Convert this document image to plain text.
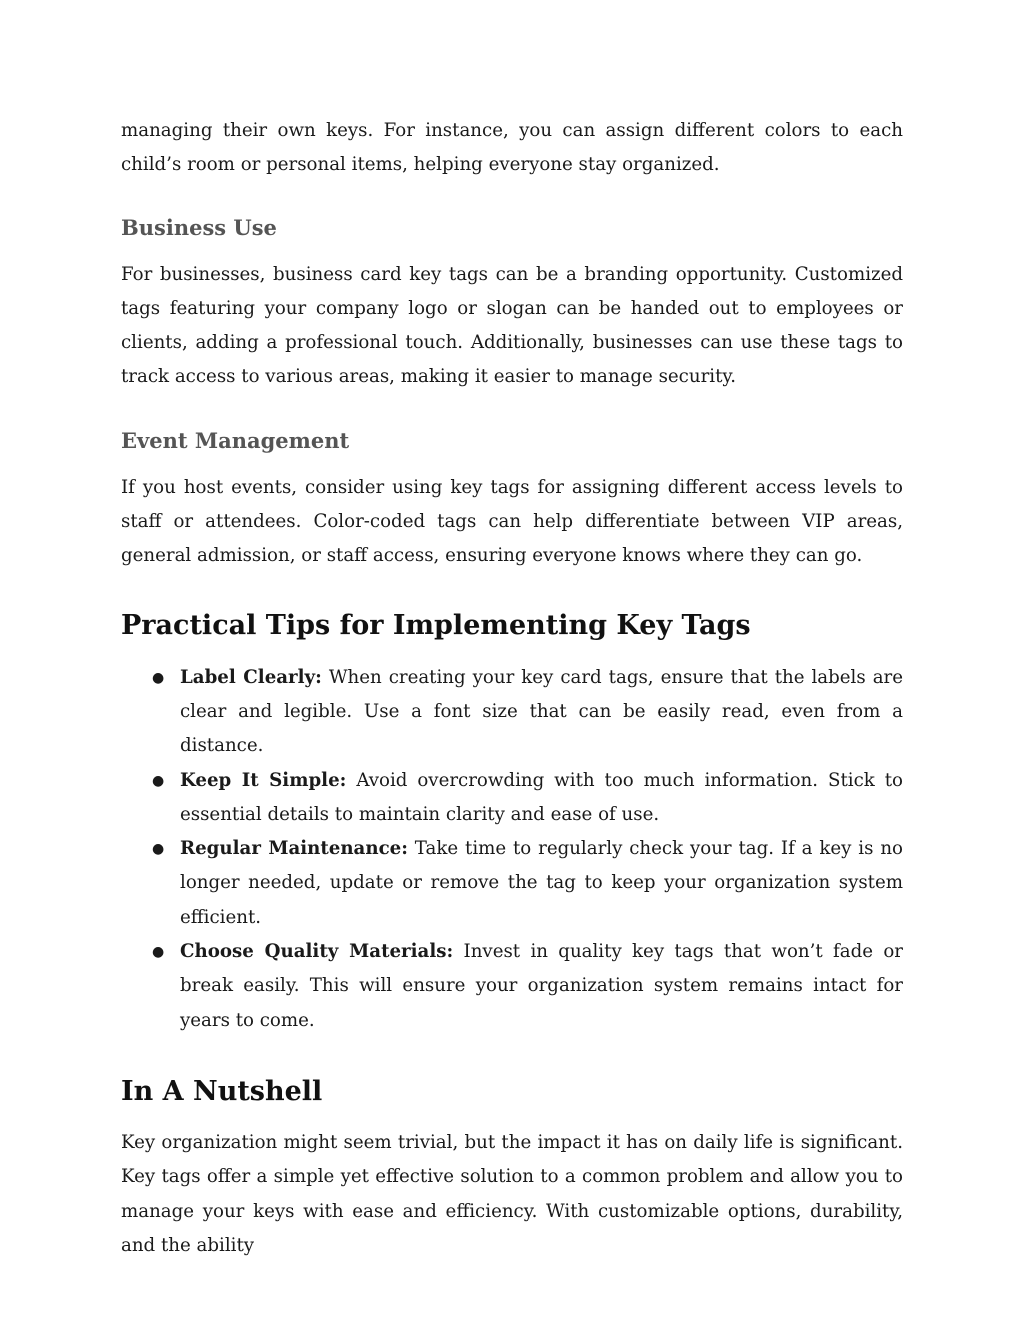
managing their own keys. For instance, you can assign different colors to each child’s room or personal items, helping everyone stay organized.

Business Use

For businesses, business card key tags can be a branding opportunity. Customized tags featuring your company logo or slogan can be handed out to employees or clients, adding a professional touch. Additionally, businesses can use these tags to track access to various areas, making it easier to manage security.

Event Management

If you host events, consider using key tags for assigning different access levels to staff or attendees. Color-coded tags can help differentiate between VIP areas, general admission, or staff access, ensuring everyone knows where they can go.

Practical Tips for Implementing Key Tags
● Label Clearly: When creating your key card tags, ensure that the labels are clear and legible. Use a font size that can be easily read, even from a distance.
● Keep It Simple: Avoid overcrowding with too much information. Stick to essential details to maintain clarity and ease of use.
● Regular Maintenance: Take time to regularly check your tag. If a key is no longer needed, update or remove the tag to keep your organization system efficient.
● Choose Quality Materials: Invest in quality key tags that won’t fade or break easily. This will ensure your organization system remains intact for years to come.
In A Nutshell

Key organization might seem trivial, but the impact it has on daily life is significant. Key tags offer a simple yet effective solution to a common problem and allow you to manage your keys with ease and efficiency. With customizable options, durability, and the ability
